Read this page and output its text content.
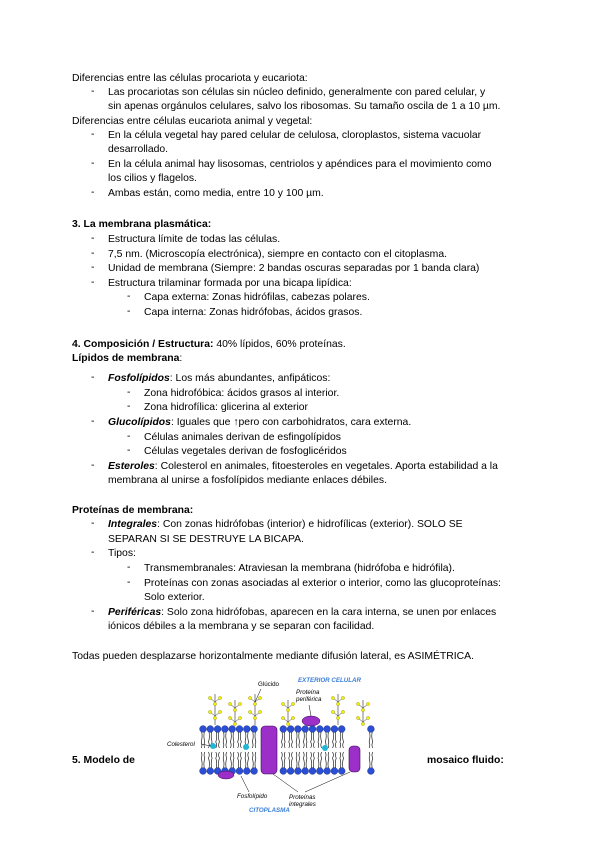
Diferencias entre las células procariota y eucariota:
- Las procariotas son células sin núcleo definido, generalmente con pared celular, y
sin apenas orgánulos celulares, salvo los ribosomas. Su tamaño oscila de 1 a 10 µm.
Diferencias entre células eucariota animal y vegetal:
- En la célula vegetal hay pared celular de celulosa, cloroplastos, sistema vacuolar
desarrollado.
- En la célula animal hay lisosomas, centriolos y apéndices para el movimiento como
los cilios y flagelos.
- Ambas están, como media, entre 10 y 100 µm.
3. La membrana plasmática:
- Estructura límite de todas las células.
- 7,5 nm. (Microscopía electrónica), siempre en contacto con el citoplasma.
- Unidad de membrana (Siempre: 2 bandas oscuras separadas por 1 banda clara)
- Estructura trilaminar formada por una bicapa lipídica:
- Capa externa: Zonas hidrófilas, cabezas polares.
- Capa interna: Zonas hidrófobas, ácidos grasos.
4. Composición / Estructura: 40% lípidos, 60% proteínas.
Lípidos de membrana:
- Fosfolípidos: Los más abundantes, anfipáticos:
- Zona hidrofóbica: ácidos grasos al interior.
- Zona hidrofílica: glicerina al exterior
- Glucolípidos: Iguales que ↑pero con carbohidratos, cara externa.
- Células animales derivan de esfingolípidos
- Células vegetales derivan de fosfoglicéridos
- Esteroles: Colesterol en animales, fitoesteroles en vegetales. Aporta estabilidad a la
membrana al unirse a fosfolípidos mediante enlaces débiles.
Proteínas de membrana:
- Integrales: Con zonas hidrófobas (interior) e hidrofílicas (exterior). SOLO SE
SEPARAN SI SE DESTRUYE LA BICAPA.
- Tipos:
- Transmembranales: Atraviesan la membrana (hidrófoba e hidrófila).
- Proteínas con zonas asociadas al exterior o interior, como las glucoproteínas:
Solo exterior.
- Periféricas: Solo zona hidrófobas, aparecen en la cara interna, se unen por enlaces
iónicos débiles a la membrana y se separan con facilidad.
Todas pueden desplazarse horizontalmente mediante difusión lateral, es ASIMÉTRICA.
5. Modelo de	mosaico fluido:
Glúcido
EXTERIOR CELULAR
Proteína
periférica
Colesterol
Fosfolípido	Proteínas
integrales
CITOPLASMA
